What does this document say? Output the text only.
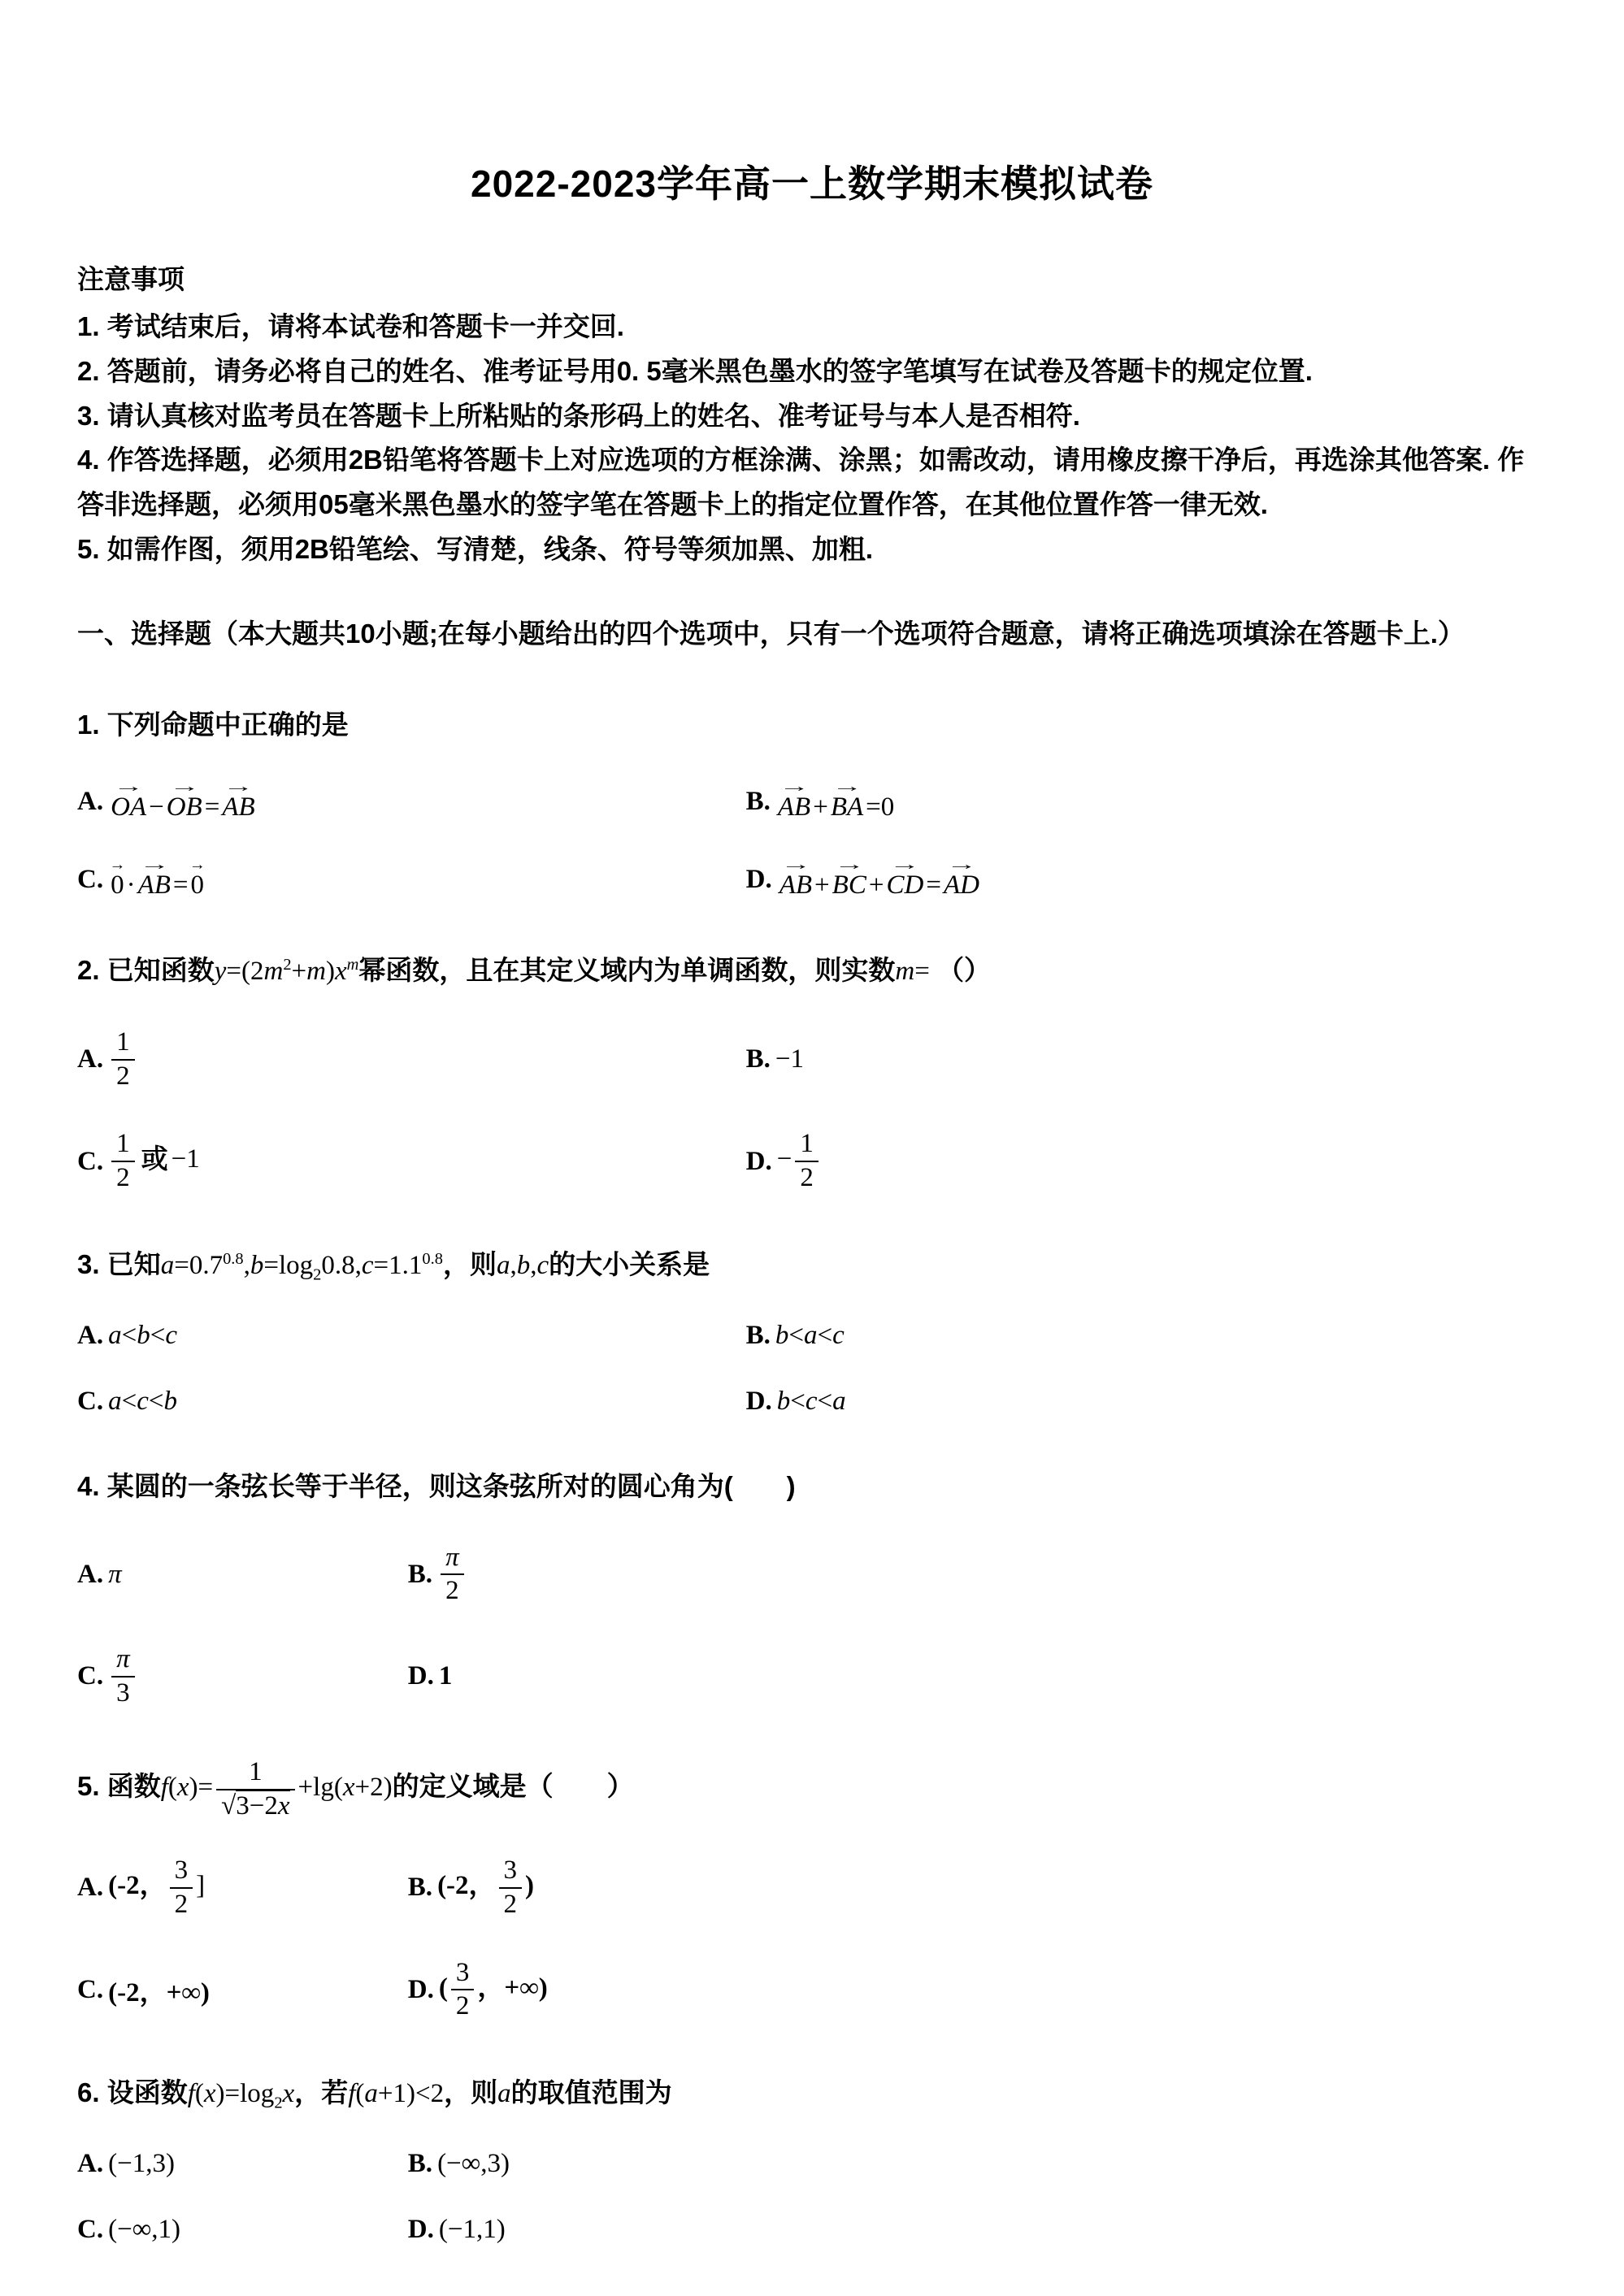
2022-2023学年高一上数学期末模拟试卷

注意事项

1. 考试结束后，请将本试卷和答题卡一并交回.

2. 答题前，请务必将自己的姓名、准考证号用0. 5毫米黑色墨水的签字笔填写在试卷及答题卡的规定位置.

3. 请认真核对监考员在答题卡上所粘贴的条形码上的姓名、准考证号与本人是否相符.

4. 作答选择题，必须用2B铅笔将答题卡上对应选项的方框涂满、涂黑；如需改动，请用橡皮擦干净后，再选涂其他答案. 作答非选择题，必须用05毫米黑色墨水的签字笔在答题卡上的指定位置作答，在其他位置作答一律无效.

5. 如需作图，须用2B铅笔绘、写清楚，线条、符号等须加黑、加粗.

一、选择题（本大题共10小题;在每小题给出的四个选项中，只有一个选项符合题意，请将正确选项填涂在答题卡上.）

1. 下列命题中正确的是
A. OA →−OB →=AB →	B. AB →+BA →=0
C. 0 →·AB →=0 →	D. AB →+BC →+CD →=AD →
2. 已知函数$y=(2m^2+m)x^m$幂函数，且在其定义域内为单调函数，则实数m= （）
A. $\frac{1}{2}$	B. −1
C. $\frac{1}{2}$ 或 −1	D. − $\frac{1}{2}$
3. 已知$a=0.7^{0.8},b=\log_20.8,c=1.1^{0.8}$，则a,b,c的大小关系是
A. a<b<c	B. b<a<c
C. a<c<b	D. b<c<a
4. 某圆的一条弦长等于半径，则这条弦所对的圆心角为(　　)
A. π	B. $\frac{\pi}{2}$
C. $\frac{\pi}{3}$	D. 1
5. 函数$f(x)= \frac{1}{√3-2x} +\lg(x+2)$的定义域是（　　）
A. (-2， $\frac{3}{2}$ ]	B. (-2， $\frac{3}{2}$ )
C. (-2，+∞)	D. ( $\frac{3}{2}$ ，+∞)
6. 设函数$f(x)=\log_2x$，若f(a+1)<2，则a的取值范围为
A. (−1,3)	B. (−∞,3)
C. (−∞,1)	D. (−1,1)
